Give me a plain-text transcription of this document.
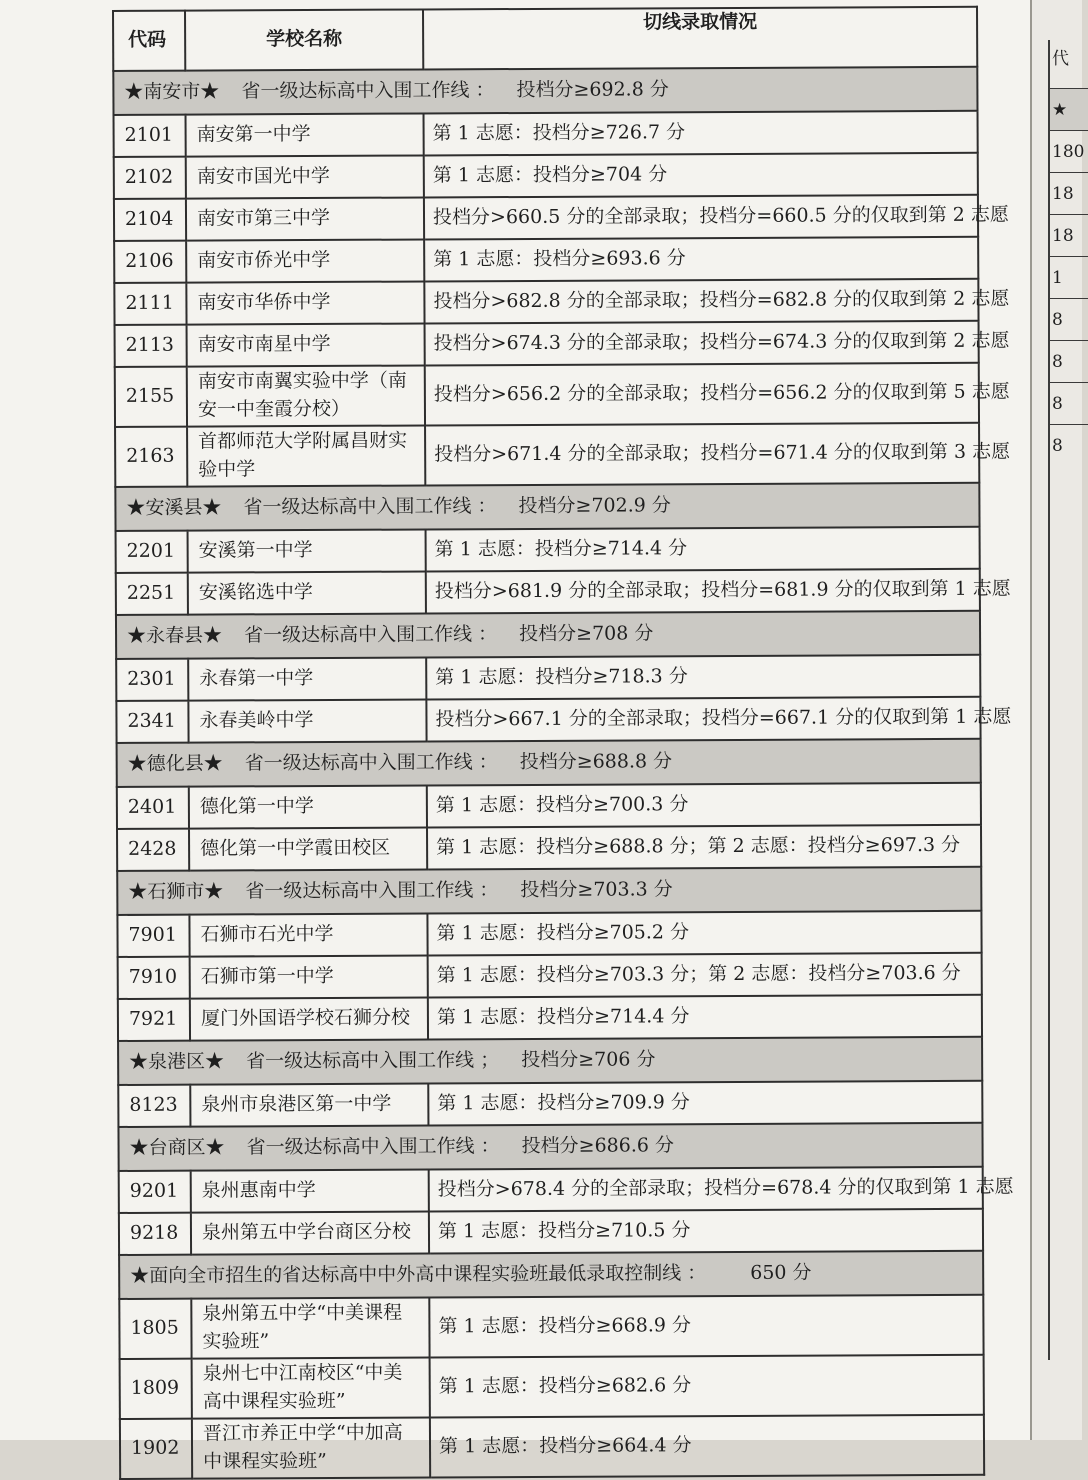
代码	学校名称	切线录取情况
★南安市★ 省一级达标高中入围工作线 ： 投档分≥692.8 分		
2101	南安第一中学	第 1 志愿：投档分≥726.7 分
2102	南安市国光中学	第 1 志愿：投档分≥704 分
2104	南安市第三中学	投档分>660.5 分的全部录取；投档分=660.5 分的仅取到第 2 志愿
2106	南安市侨光中学	第 1 志愿：投档分≥693.6 分
2111	南安市华侨中学	投档分>682.8 分的全部录取；投档分=682.8 分的仅取到第 2 志愿
2113	南安市南星中学	投档分>674.3 分的全部录取；投档分=674.3 分的仅取到第 2 志愿
2155	南安市南翼实验中学（南安一中奎霞分校）	投档分>656.2 分的全部录取；投档分=656.2 分的仅取到第 5 志愿
2163	首都师范大学附属昌财实验中学	投档分>671.4 分的全部录取；投档分=671.4 分的仅取到第 3 志愿
★安溪县★ 省一级达标高中入围工作线 ： 投档分≥702.9 分		
2201	安溪第一中学	第 1 志愿：投档分≥714.4 分
2251	安溪铭选中学	投档分>681.9 分的全部录取；投档分=681.9 分的仅取到第 1 志愿
★永春县★ 省一级达标高中入围工作线 ： 投档分≥708 分		
2301	永春第一中学	第 1 志愿：投档分≥718.3 分
2341	永春美岭中学	投档分>667.1 分的全部录取；投档分=667.1 分的仅取到第 1 志愿
★德化县★ 省一级达标高中入围工作线 ： 投档分≥688.8 分		
2401	德化第一中学	第 1 志愿：投档分≥700.3 分
2428	德化第一中学霞田校区	第 1 志愿：投档分≥688.8 分；第 2 志愿：投档分≥697.3 分
★石狮市★ 省一级达标高中入围工作线 ： 投档分≥703.3 分		
7901	石狮市石光中学	第 1 志愿：投档分≥705.2 分
7910	石狮市第一中学	第 1 志愿：投档分≥703.3 分；第 2 志愿：投档分≥703.6 分
7921	厦门外国语学校石狮分校	第 1 志愿：投档分≥714.4 分
★泉港区★ 省一级达标高中入围工作线 ； 投档分≥706 分		
8123	泉州市泉港区第一中学	第 1 志愿：投档分≥709.9 分
★台商区★ 省一级达标高中入围工作线 ： 投档分≥686.6 分		
9201	泉州惠南中学	投档分>678.4 分的全部录取；投档分=678.4 分的仅取到第 1 志愿
9218	泉州第五中学台商区分校	第 1 志愿：投档分≥710.5 分
★面向全市招生的省达标高中中外高中课程实验班最低录取控制线 ： 650 分		
1805	泉州第五中学“中美课程实验班”	第 1 志愿：投档分≥668.9 分
1809	泉州七中江南校区“中美高中课程实验班”	第 1 志愿：投档分≥682.6 分
1902	晋江市养正中学“中加高中课程实验班”	第 1 志愿：投档分≥664.4 分
代
★
180
18
18
1
8
8
8
8
